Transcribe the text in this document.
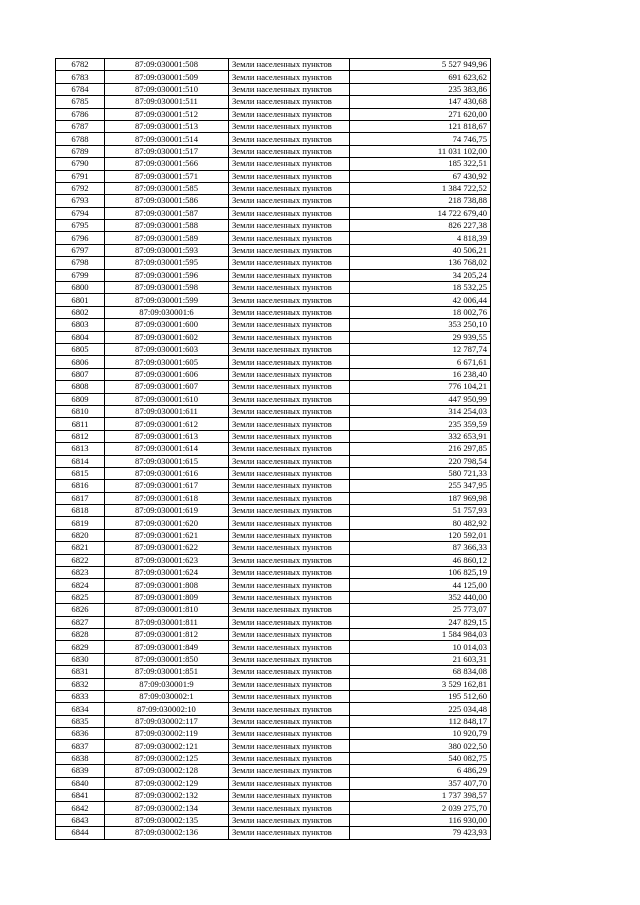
6782	87:09:030001:508	Земли населенных пунктов	5 527 949,96
6783	87:09:030001:509	Земли населенных пунктов	691 623,62
6784	87:09:030001:510	Земли населенных пунктов	235 383,86
6785	87:09:030001:511	Земли населенных пунктов	147 430,68
6786	87:09:030001:512	Земли населенных пунктов	271 620,00
6787	87:09:030001:513	Земли населенных пунктов	121 818,67
6788	87:09:030001:514	Земли населенных пунктов	74 746,75
6789	87:09:030001:517	Земли населенных пунктов	11 031 102,00
6790	87:09:030001:566	Земли населенных пунктов	185 322,51
6791	87:09:030001:571	Земли населенных пунктов	67 430,92
6792	87:09:030001:585	Земли населенных пунктов	1 384 722,52
6793	87:09:030001:586	Земли населенных пунктов	218 738,88
6794	87:09:030001:587	Земли населенных пунктов	14 722 679,40
6795	87:09:030001:588	Земли населенных пунктов	826 227,38
6796	87:09:030001:589	Земли населенных пунктов	4 818,39
6797	87:09:030001:593	Земли населенных пунктов	40 506,21
6798	87:09:030001:595	Земли населенных пунктов	136 768,02
6799	87:09:030001:596	Земли населенных пунктов	34 205,24
6800	87:09:030001:598	Земли населенных пунктов	18 532,25
6801	87:09:030001:599	Земли населенных пунктов	42 006,44
6802	87:09:030001:6	Земли населенных пунктов	18 002,76
6803	87:09:030001:600	Земли населенных пунктов	353 250,10
6804	87:09:030001:602	Земли населенных пунктов	29 939,55
6805	87:09:030001:603	Земли населенных пунктов	12 787,74
6806	87:09:030001:605	Земли населенных пунктов	6 671,61
6807	87:09:030001:606	Земли населенных пунктов	16 238,40
6808	87:09:030001:607	Земли населенных пунктов	776 104,21
6809	87:09:030001:610	Земли населенных пунктов	447 950,99
6810	87:09:030001:611	Земли населенных пунктов	314 254,03
6811	87:09:030001:612	Земли населенных пунктов	235 359,59
6812	87:09:030001:613	Земли населенных пунктов	332 653,91
6813	87:09:030001:614	Земли населенных пунктов	216 297,85
6814	87:09:030001:615	Земли населенных пунктов	220 798,54
6815	87:09:030001:616	Земли населенных пунктов	580 721,33
6816	87:09:030001:617	Земли населенных пунктов	255 347,95
6817	87:09:030001:618	Земли населенных пунктов	187 969,98
6818	87:09:030001:619	Земли населенных пунктов	51 757,93
6819	87:09:030001:620	Земли населенных пунктов	80 482,92
6820	87:09:030001:621	Земли населенных пунктов	120 592,01
6821	87:09:030001:622	Земли населенных пунктов	87 366,33
6822	87:09:030001:623	Земли населенных пунктов	46 860,12
6823	87:09:030001:624	Земли населенных пунктов	106 825,19
6824	87:09:030001:808	Земли населенных пунктов	44 125,00
6825	87:09:030001:809	Земли населенных пунктов	352 440,00
6826	87:09:030001:810	Земли населенных пунктов	25 773,07
6827	87:09:030001:811	Земли населенных пунктов	247 829,15
6828	87:09:030001:812	Земли населенных пунктов	1 584 984,03
6829	87:09:030001:849	Земли населенных пунктов	10 014,03
6830	87:09:030001:850	Земли населенных пунктов	21 603,31
6831	87:09:030001:851	Земли населенных пунктов	68 834,08
6832	87:09:030001:9	Земли населенных пунктов	3 529 162,81
6833	87:09:030002:1	Земли населенных пунктов	195 512,60
6834	87:09:030002:10	Земли населенных пунктов	225 034,48
6835	87:09:030002:117	Земли населенных пунктов	112 848,17
6836	87:09:030002:119	Земли населенных пунктов	10 920,79
6837	87:09:030002:121	Земли населенных пунктов	380 022,50
6838	87:09:030002:125	Земли населенных пунктов	540 082,75
6839	87:09:030002:128	Земли населенных пунктов	6 486,29
6840	87:09:030002:129	Земли населенных пунктов	357 407,70
6841	87:09:030002:132	Земли населенных пунктов	1 737 398,57
6842	87:09:030002:134	Земли населенных пунктов	2 039 275,70
6843	87:09:030002:135	Земли населенных пунктов	116 930,00
6844	87:09:030002:136	Земли населенных пунктов	79 423,93
